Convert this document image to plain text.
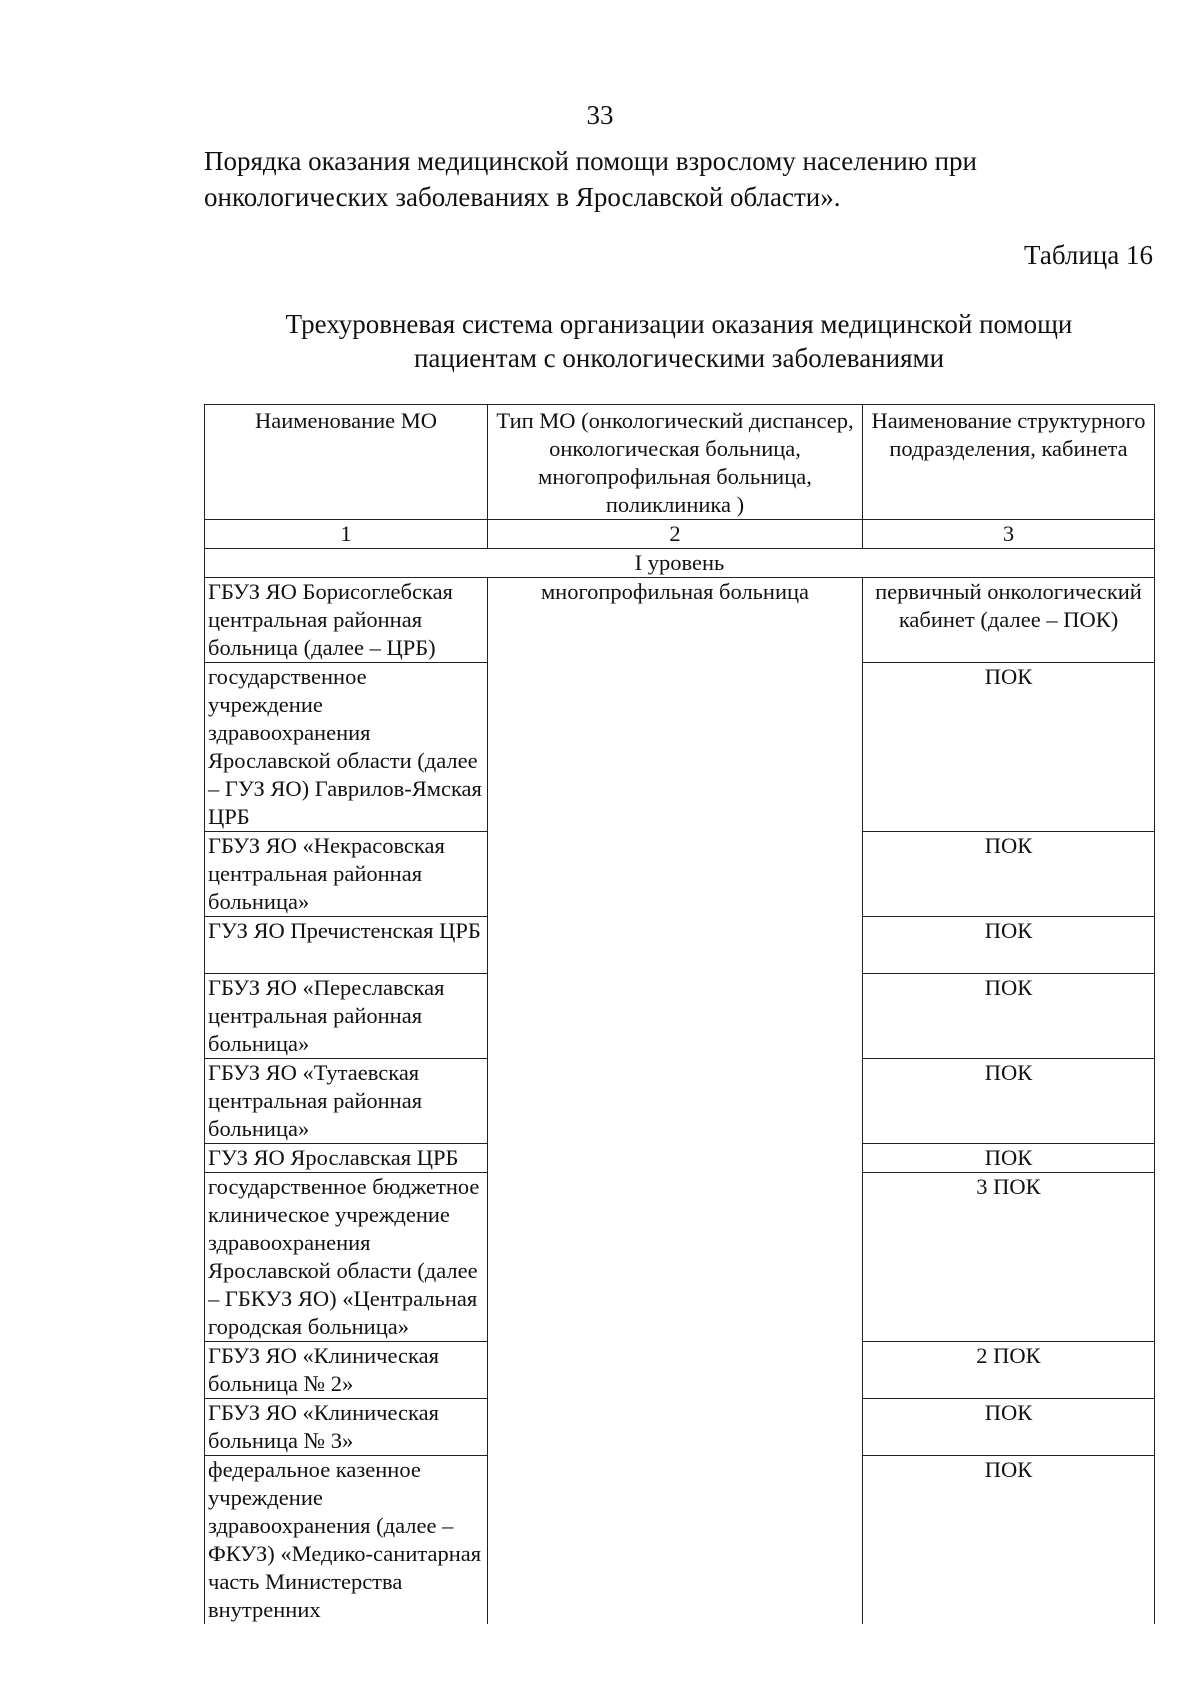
33

Порядка оказания медицинской помощи взрослому населению при онкологических заболеваниях в Ярославской области».

Таблица 16

Трехуровневая система организации оказания медицинской помощи
пациентам с онкологическими заболеваниями

Наименование МО	Тип МО (онкологический диспансер, онкологическая больница, многопрофильная больница, поликлиника )	Наименование структурного подразделения, кабинета
1	2	3
I уровень		
ГБУЗ ЯО Борисоглебская центральная районная больница (далее – ЦРБ)	многопрофильная больница	первичный онкологический кабинет (далее – ПОК)
государственное учреждение здравоохранения Ярославской области (далее – ГУЗ ЯО) Гаврилов-Ямская ЦРБ		ПОК
ГБУЗ ЯО «Некрасовская центральная районная больница»		ПОК
ГУЗ ЯО Пречистенская ЦРБ		ПОК
ГБУЗ ЯО «Переславская центральная районная больница»		ПОК
ГБУЗ ЯО «Тутаевская центральная районная больница»		ПОК
ГУЗ ЯО Ярославская ЦРБ		ПОК
государственное бюджетное клиническое учреждение здравоохранения Ярославской области (далее – ГБКУЗ ЯО) «Центральная городская больница»		3 ПОК
ГБУЗ ЯО «Клиническая больница № 2»		2 ПОК
ГБУЗ ЯО «Клиническая больница № 3»		ПОК
федеральное казенное учреждение здравоохранения (далее – ФКУЗ) «Медико-санитарная часть Министерства внутренних		ПОК
